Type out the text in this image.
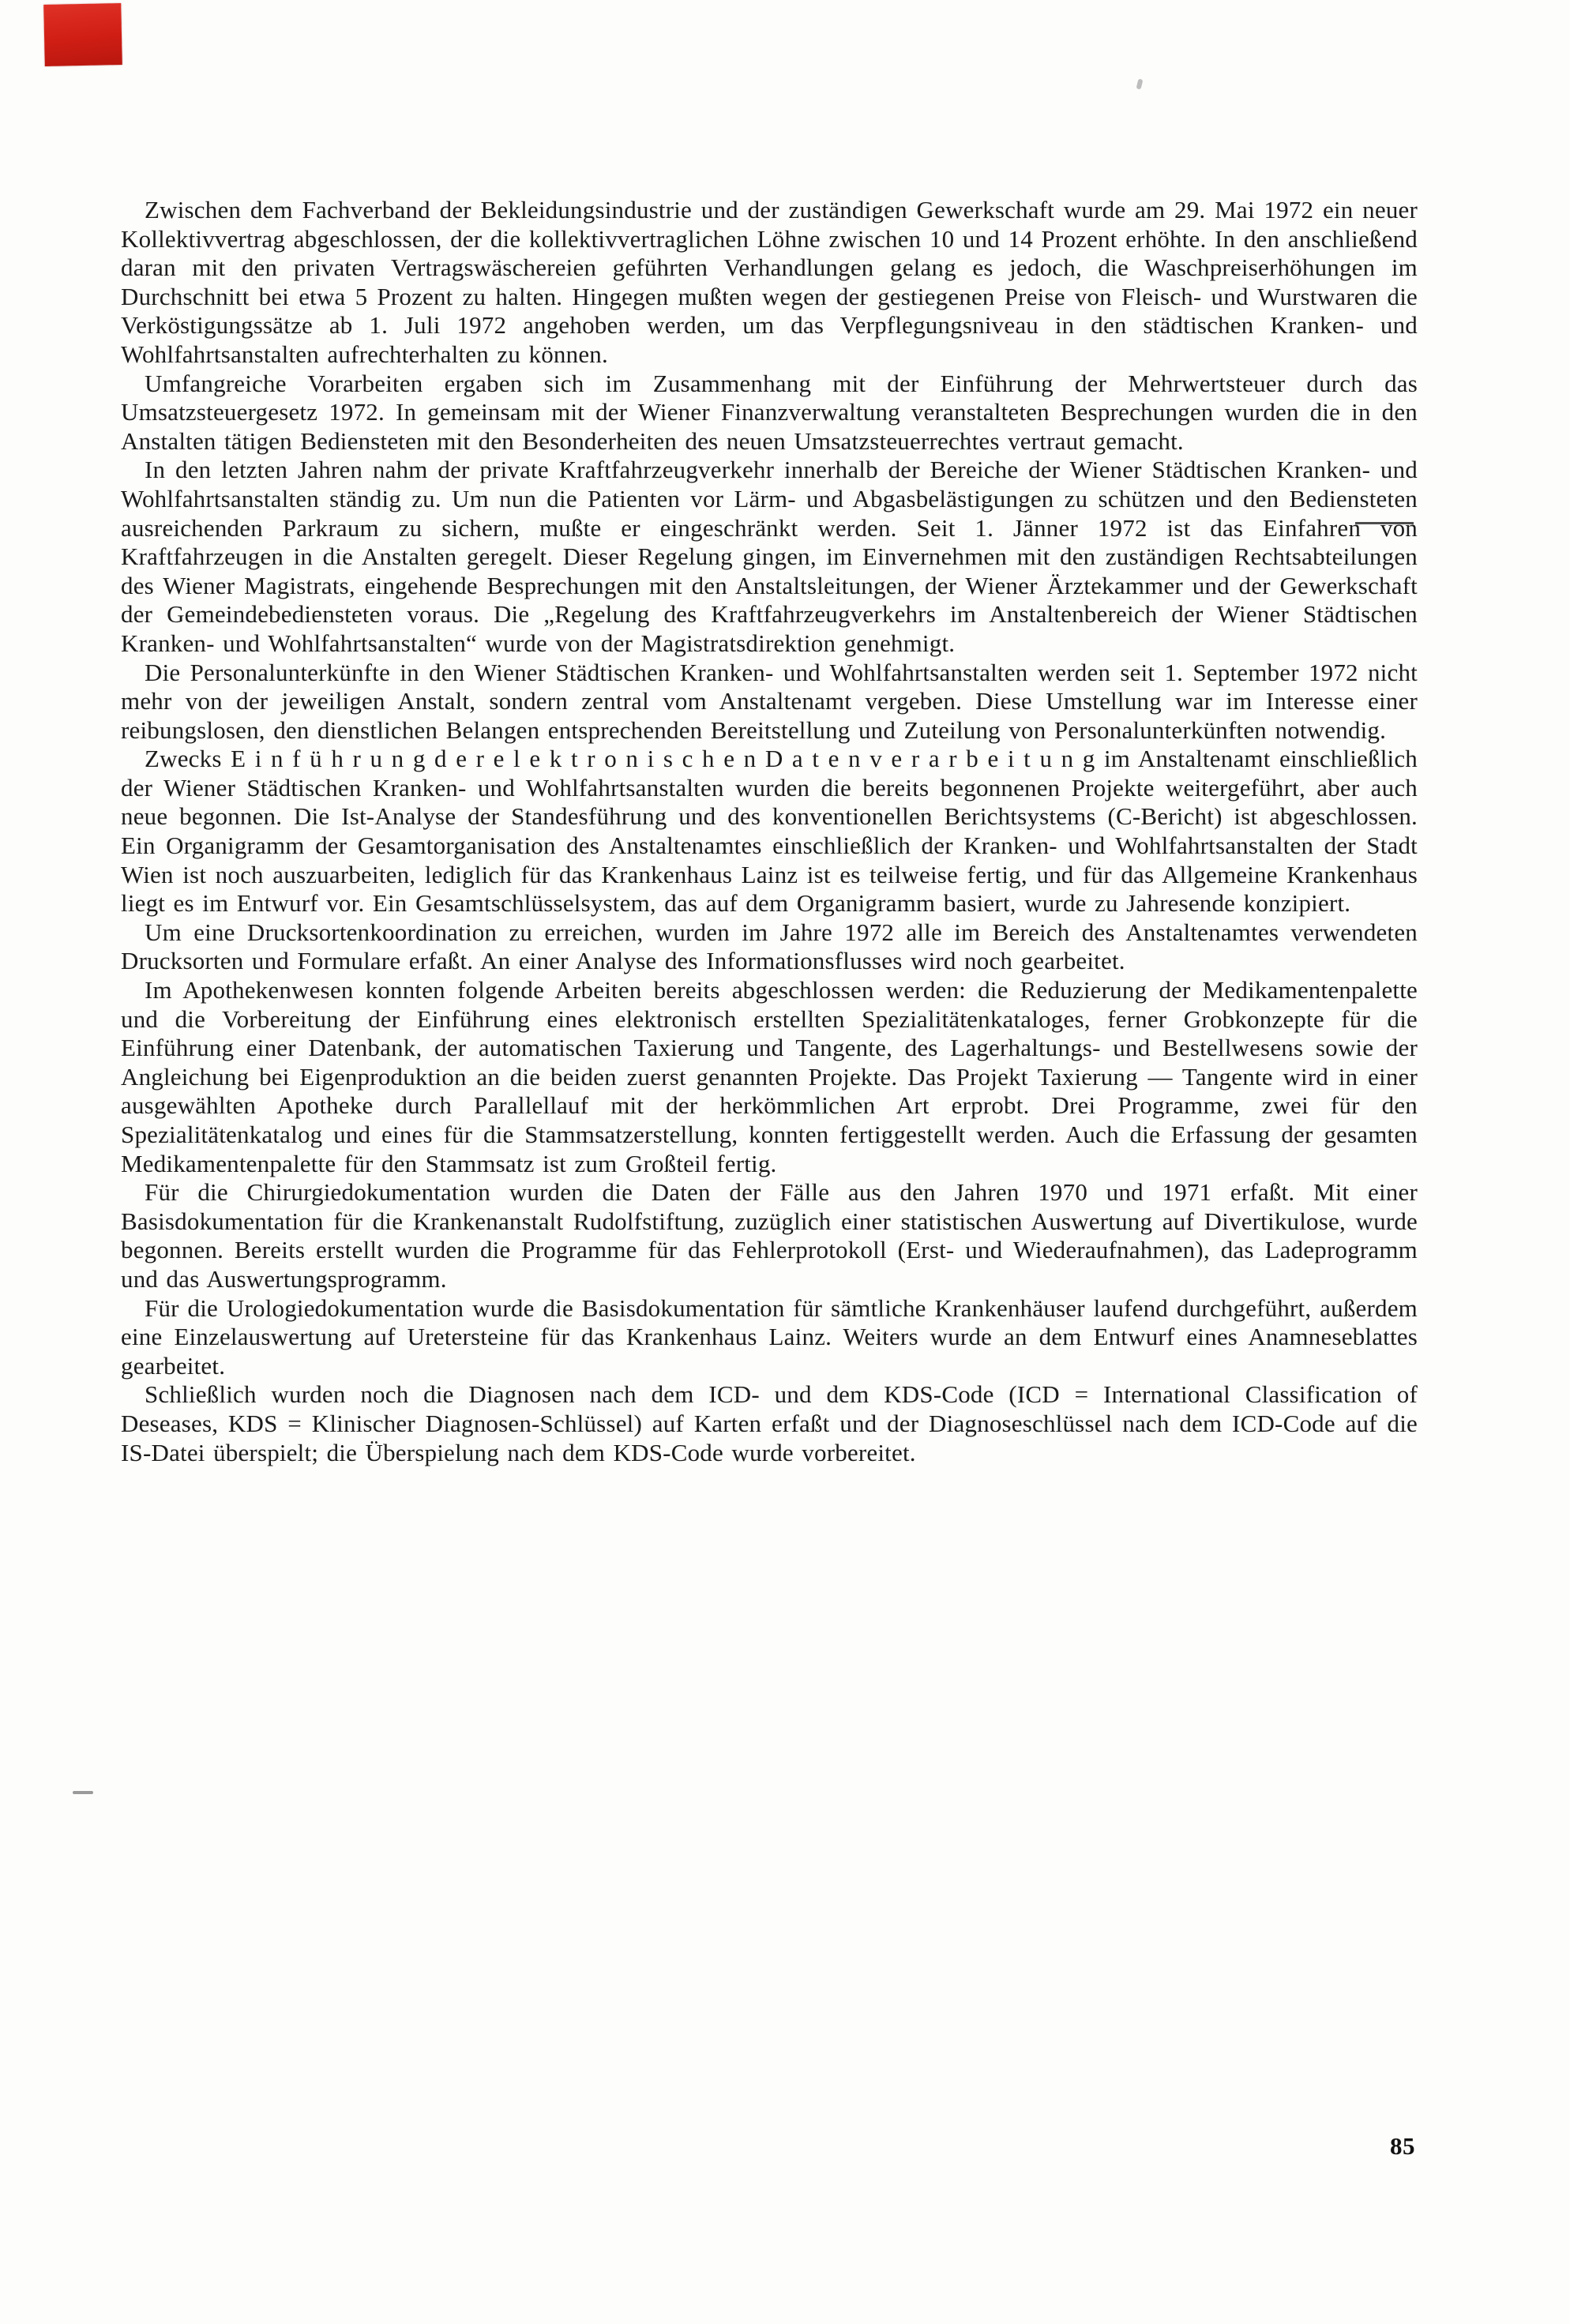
Zwischen dem Fachverband der Bekleidungsindustrie und der zuständigen Gewerkschaft wurde am 29. Mai 1972 ein neuer Kollektivvertrag abgeschlossen, der die kollektivvertraglichen Löhne zwischen 10 und 14 Prozent erhöhte. In den anschließend daran mit den privaten Vertragswäschereien geführten Verhandlungen gelang es jedoch, die Waschpreiserhöhungen im Durchschnitt bei etwa 5 Prozent zu halten. Hingegen mußten wegen der gestiegenen Preise von Fleisch- und Wurstwaren die Verköstigungssätze ab 1. Juli 1972 angehoben werden, um das Verpflegungsniveau in den städtischen Kranken- und Wohlfahrtsanstalten aufrechterhalten zu können.

Umfangreiche Vorarbeiten ergaben sich im Zusammenhang mit der Einführung der Mehrwertsteuer durch das Umsatzsteuergesetz 1972. In gemeinsam mit der Wiener Finanzverwaltung veranstalteten Besprechungen wurden die in den Anstalten tätigen Bediensteten mit den Besonderheiten des neuen Umsatzsteuerrechtes vertraut gemacht.

In den letzten Jahren nahm der private Kraftfahrzeugverkehr innerhalb der Bereiche der Wiener Städtischen Kranken- und Wohlfahrtsanstalten ständig zu. Um nun die Patienten vor Lärm- und Abgasbelästigungen zu schützen und den Bediensteten ausreichenden Parkraum zu sichern, mußte er eingeschränkt werden. Seit 1. Jänner 1972 ist das Einfahren von Kraftfahrzeugen in die Anstalten geregelt. Dieser Regelung gingen, im Einvernehmen mit den zuständigen Rechtsabteilungen des Wiener Magistrats, eingehende Besprechungen mit den Anstaltsleitungen, der Wiener Ärztekammer und der Gewerkschaft der Gemeindebediensteten voraus. Die „Regelung des Kraftfahrzeugverkehrs im Anstaltenbereich der Wiener Städtischen Kranken- und Wohlfahrtsanstalten“ wurde von der Magistratsdirektion genehmigt.

Die Personalunterkünfte in den Wiener Städtischen Kranken- und Wohlfahrtsanstalten werden seit 1. September 1972 nicht mehr von der jeweiligen Anstalt, sondern zentral vom Anstaltenamt vergeben. Diese Umstellung war im Interesse einer reibungslosen, den dienstlichen Belangen entsprechenden Bereitstellung und Zuteilung von Personalunterkünften notwendig.

Zwecks E i n f ü h r u n g d e r e l e k t r o n i s c h e n D a t e n v e r a r b e i t u n g im Anstaltenamt einschließlich der Wiener Städtischen Kranken- und Wohlfahrtsanstalten wurden die bereits begonnenen Projekte weitergeführt, aber auch neue begonnen. Die Ist-Analyse der Standesführung und des konventionellen Berichtsystems (C-Bericht) ist abgeschlossen. Ein Organigramm der Gesamtorganisation des Anstaltenamtes einschließlich der Kranken- und Wohlfahrtsanstalten der Stadt Wien ist noch auszuarbeiten, lediglich für das Krankenhaus Lainz ist es teilweise fertig, und für das Allgemeine Krankenhaus liegt es im Entwurf vor. Ein Gesamtschlüsselsystem, das auf dem Organigramm basiert, wurde zu Jahresende konzipiert.

Um eine Drucksortenkoordination zu erreichen, wurden im Jahre 1972 alle im Bereich des Anstaltenamtes verwendeten Drucksorten und Formulare erfaßt. An einer Analyse des Informationsflusses wird noch gearbeitet.

Im Apothekenwesen konnten folgende Arbeiten bereits abgeschlossen werden: die Reduzierung der Medikamentenpalette und die Vorbereitung der Einführung eines elektronisch erstellten Spezialitätenkataloges, ferner Grobkonzepte für die Einführung einer Datenbank, der automatischen Taxierung und Tangente, des Lagerhaltungs- und Bestellwesens sowie der Angleichung bei Eigenproduktion an die beiden zuerst genannten Projekte. Das Projekt Taxierung — Tangente wird in einer ausgewählten Apotheke durch Parallellauf mit der herkömmlichen Art erprobt. Drei Programme, zwei für den Spezialitätenkatalog und eines für die Stammsatzerstellung, konnten fertiggestellt werden. Auch die Erfassung der gesamten Medikamentenpalette für den Stammsatz ist zum Großteil fertig.

Für die Chirurgiedokumentation wurden die Daten der Fälle aus den Jahren 1970 und 1971 erfaßt. Mit einer Basisdokumentation für die Krankenanstalt Rudolfstiftung, zuzüglich einer statistischen Auswertung auf Divertikulose, wurde begonnen. Bereits erstellt wurden die Programme für das Fehlerprotokoll (Erst- und Wiederaufnahmen), das Ladeprogramm und das Auswertungsprogramm.

Für die Urologiedokumentation wurde die Basisdokumentation für sämtliche Krankenhäuser laufend durchgeführt, außerdem eine Einzelauswertung auf Uretersteine für das Krankenhaus Lainz. Weiters wurde an dem Entwurf eines Anamneseblattes gearbeitet.

Schließlich wurden noch die Diagnosen nach dem ICD- und dem KDS-Code (ICD = International Classification of Deseases, KDS = Klinischer Diagnosen-Schlüssel) auf Karten erfaßt und der Diagnoseschlüssel nach dem ICD-Code auf die IS-Datei überspielt; die Überspielung nach dem KDS-Code wurde vorbereitet.

85
